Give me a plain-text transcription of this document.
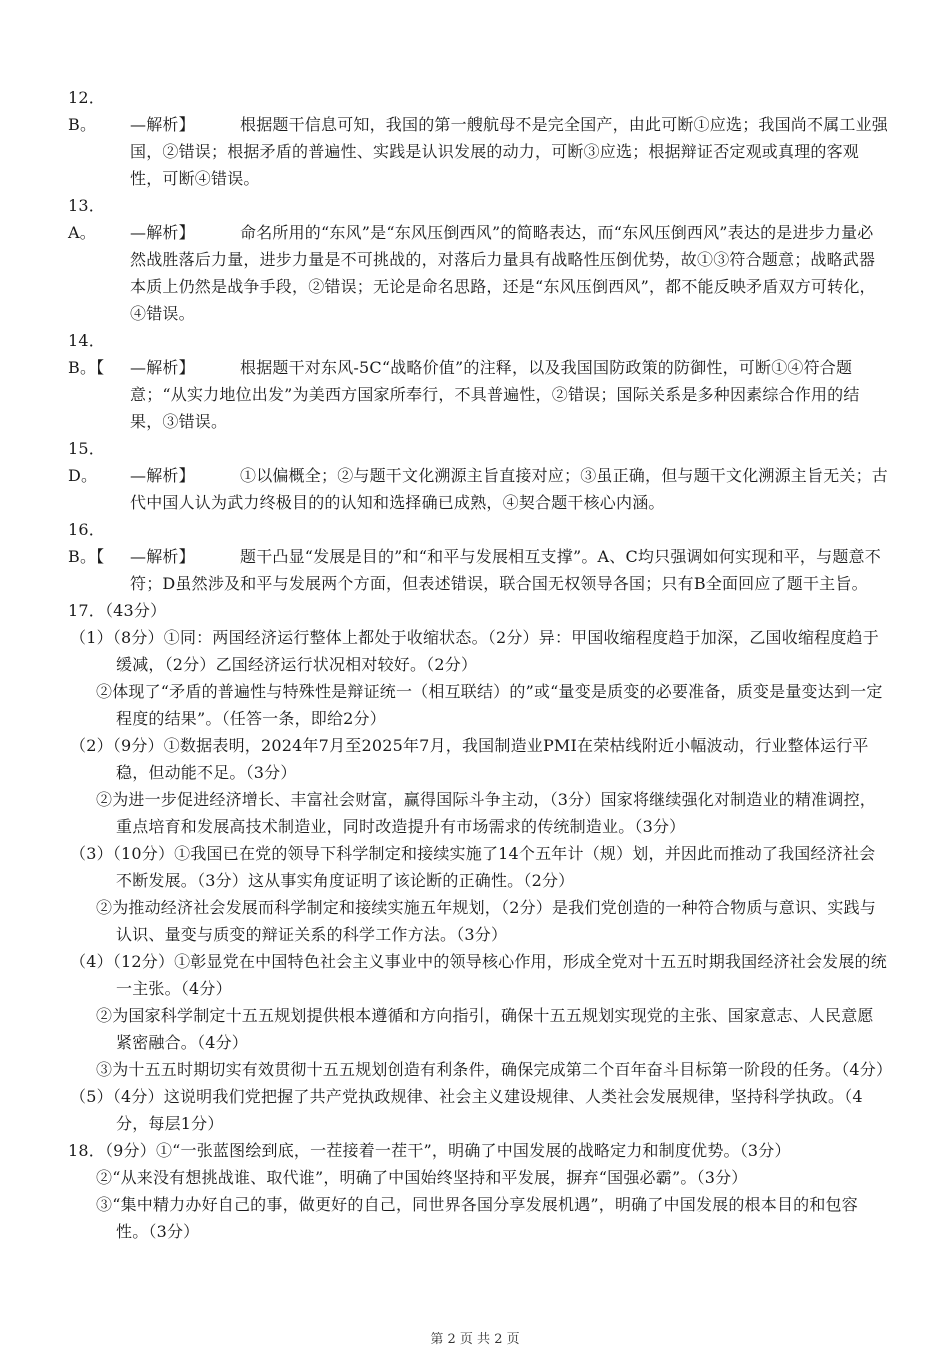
12．B。 —解析】	根据题干信息可知，我国的第一艘航母不是完全国产，由此可断①应选；我国尚不属工业强国，②错误；根据矛盾的普遍性、实践是认识发展的动力，可断③应选；根据辩证否定观或真理的客观性，可断④错误。

13．A。 —解析】	命名所用的“东风”是“东风压倒西风”的简略表达，而“东风压倒西风”表达的是进步力量必然战胜落后力量，进步力量是不可挑战的，对落后力量具有战略性压倒优势，故①③符合题意；战略武器本质上仍然是战争手段，②错误；无论是命名思路，还是“东风压倒西风”，都不能反映矛盾双方可转化，④错误。

14．B。【 —解析】	根据题干对东风-5C“战略价值”的注释，以及我国国防政策的防御性，可断①④符合题意；“从实力地位出发”为美西方国家所奉行，不具普遍性，②错误；国际关系是多种因素综合作用的结果，③错误。

15．D。 —解析】	①以偏概全；②与题干文化溯源主旨直接对应；③虽正确，但与题干文化溯源主旨无关；古代中国人认为武力终极目的的认知和选择确已成熟，④契合题干核心内涵。

16．B。【 —解析】	题干凸显“发展是目的”和“和平与发展相互支撑”。A、C均只强调如何实现和平，与题意不符；D虽然涉及和平与发展两个方面，但表述错误，联合国无权领导各国；只有B全面回应了题干主旨。

17．（43分）

（1）（8分）①同：两国经济运行整体上都处于收缩状态。（2分）异：甲国收缩程度趋于加深，乙国收缩程度趋于缓减，（2分）乙国经济运行状况相对较好。（2分）

②体现了“矛盾的普遍性与特殊性是辩证统一（相互联结）的”或“量变是质变的必要准备，质变是量变达到一定程度的结果”。（任答一条，即给2分）

（2）（9分）①数据表明，2024年7月至2025年7月，我国制造业PMI在荣枯线附近小幅波动，行业整体运行平稳，但动能不足。（3分）

②为进一步促进经济增长、丰富社会财富，赢得国际斗争主动，（3分）国家将继续强化对制造业的精准调控，重点培育和发展高技术制造业，同时改造提升有市场需求的传统制造业。（3分）

（3）（10分）①我国已在党的领导下科学制定和接续实施了14个五年计（规）划，并因此而推动了我国经济社会不断发展。（3分）这从事实角度证明了该论断的正确性。（2分）

②为推动经济社会发展而科学制定和接续实施五年规划，（2分）是我们党创造的一种符合物质与意识、实践与认识、量变与质变的辩证关系的科学工作方法。（3分）

（4）（12分）①彰显党在中国特色社会主义事业中的领导核心作用，形成全党对十五五时期我国经济社会发展的统一主张。（4分）

②为国家科学制定十五五规划提供根本遵循和方向指引，确保十五五规划实现党的主张、国家意志、人民意愿紧密融合。（4分）

③为十五五时期切实有效贯彻十五五规划创造有利条件，确保完成第二个百年奋斗目标第一阶段的任务。（4分）

（5）（4分）这说明我们党把握了共产党执政规律、社会主义建设规律、人类社会发展规律，坚持科学执政。（4分，每层1分）

18．（9分）①“一张蓝图绘到底，一茬接着一茬干”，明确了中国发展的战略定力和制度优势。（3分）

②“从来没有想挑战谁、取代谁”，明确了中国始终坚持和平发展，摒弃“国强必霸”。（3分）

③“集中精力办好自己的事，做更好的自己，同世界各国分享发展机遇”，明确了中国发展的根本目的和包容性。（3分）

第 2 页 共 2 页
